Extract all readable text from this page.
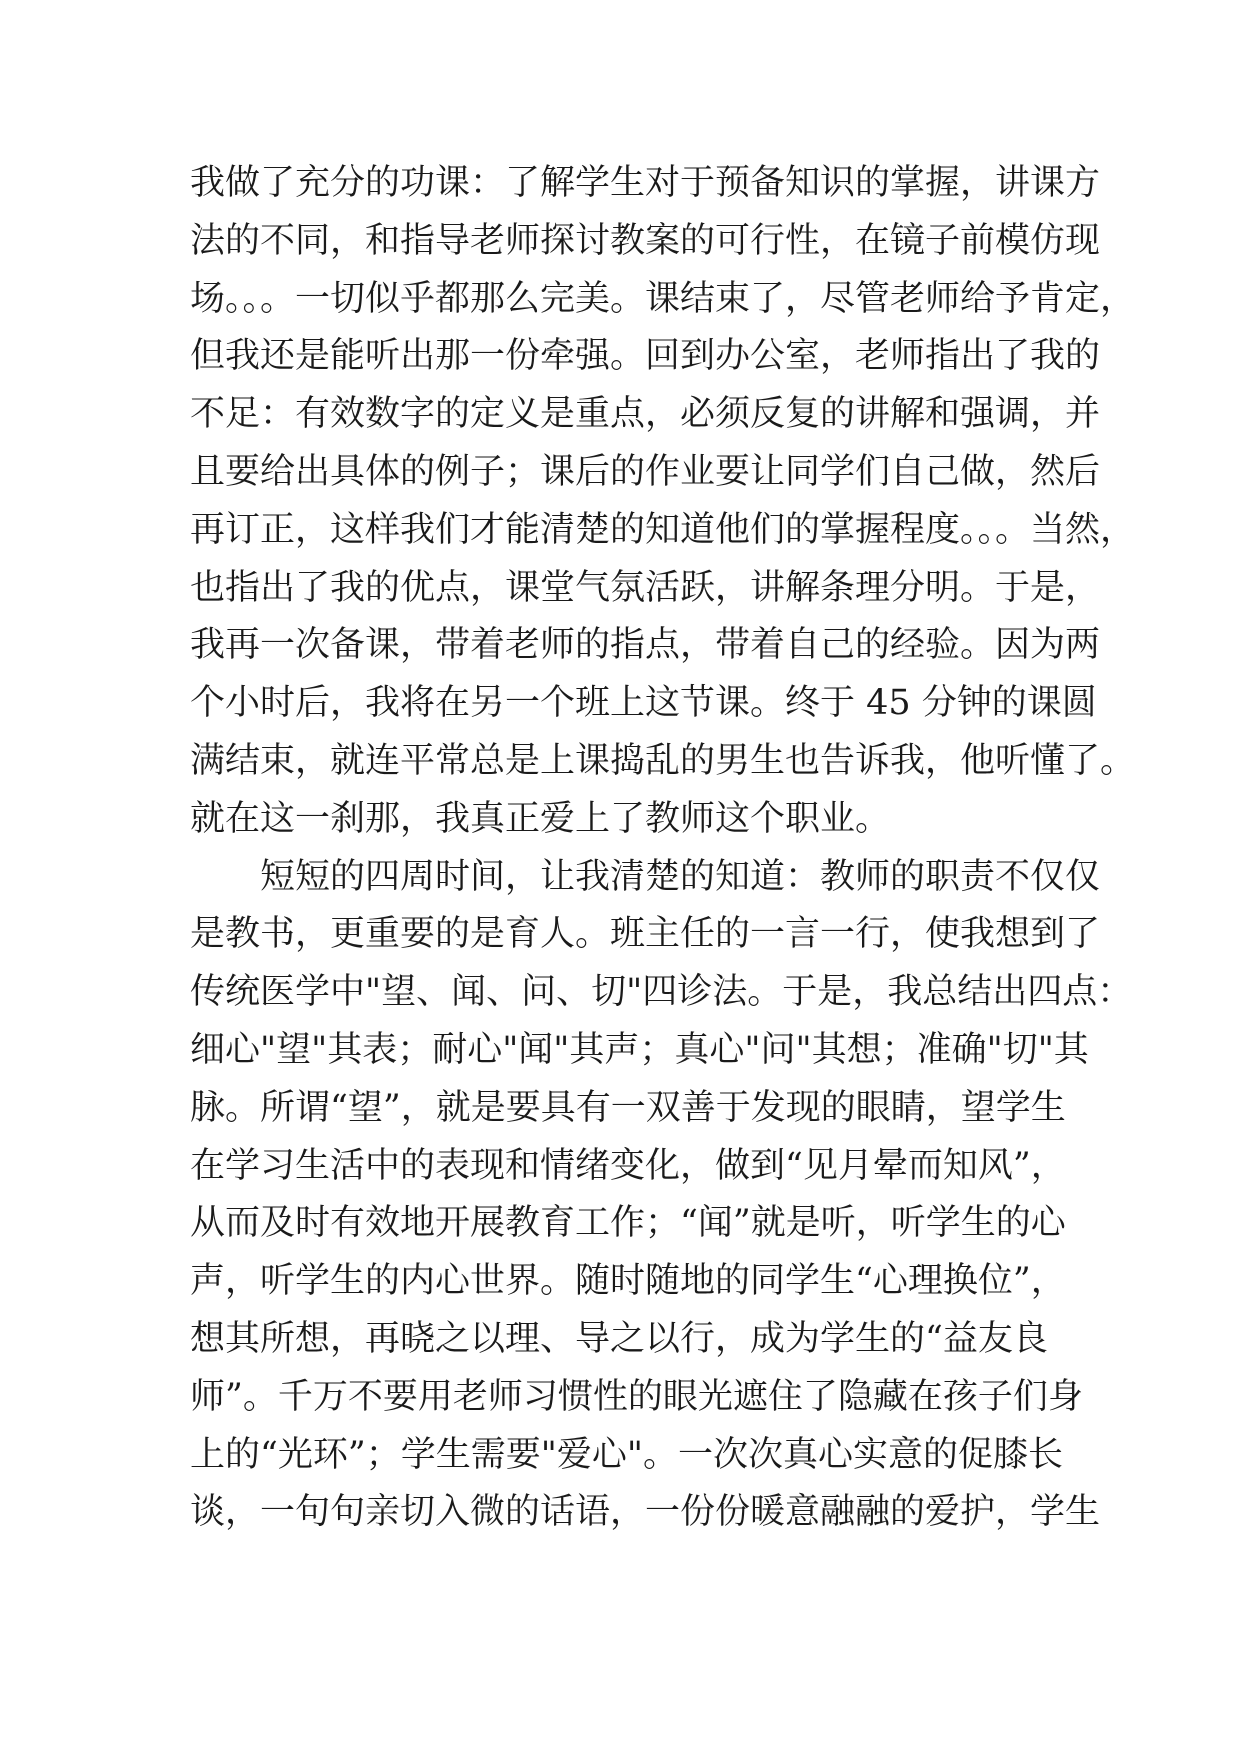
我做了充分的功课：了解学生对于预备知识的掌握，讲课方
法的不同，和指导老师探讨教案的可行性，在镜子前模仿现
场。。。一切似乎都那么完美。课结束了，尽管老师给予肯定，
但我还是能听出那一份牵强。回到办公室，老师指出了我的
不足：有效数字的定义是重点，必须反复的讲解和强调，并
且要给出具体的例子；课后的作业要让同学们自己做，然后
再订正，这样我们才能清楚的知道他们的掌握程度。。。当然，
也指出了我的优点，课堂气氛活跃，讲解条理分明。于是，
我再一次备课，带着老师的指点，带着自己的经验。因为两
个小时后，我将在另一个班上这节课。终于 45 分钟的课圆
满结束，就连平常总是上课捣乱的男生也告诉我，他听懂了。
就在这一刹那，我真正爱上了教师这个职业。
短短的四周时间，让我清楚的知道：教师的职责不仅仅
是教书，更重要的是育人。班主任的一言一行，使我想到了
传统医学中"望、闻、问、切"四诊法。于是，我总结出四点：
细心"望"其表；耐心"闻"其声；真心"问"其想；准确"切"其
脉。所谓“望”，就是要具有一双善于发现的眼睛，望学生
在学习生活中的表现和情绪变化，做到“见月晕而知风”，
从而及时有效地开展教育工作；“闻”就是听，听学生的心
声，听学生的内心世界。随时随地的同学生“心理换位”，
想其所想，再晓之以理、导之以行，成为学生的“益友良
师”。千万不要用老师习惯性的眼光遮住了隐藏在孩子们身
上的“光环”；学生需要"爱心"。一次次真心实意的促膝长
谈，一句句亲切入微的话语，一份份暖意融融的爱护，学生
